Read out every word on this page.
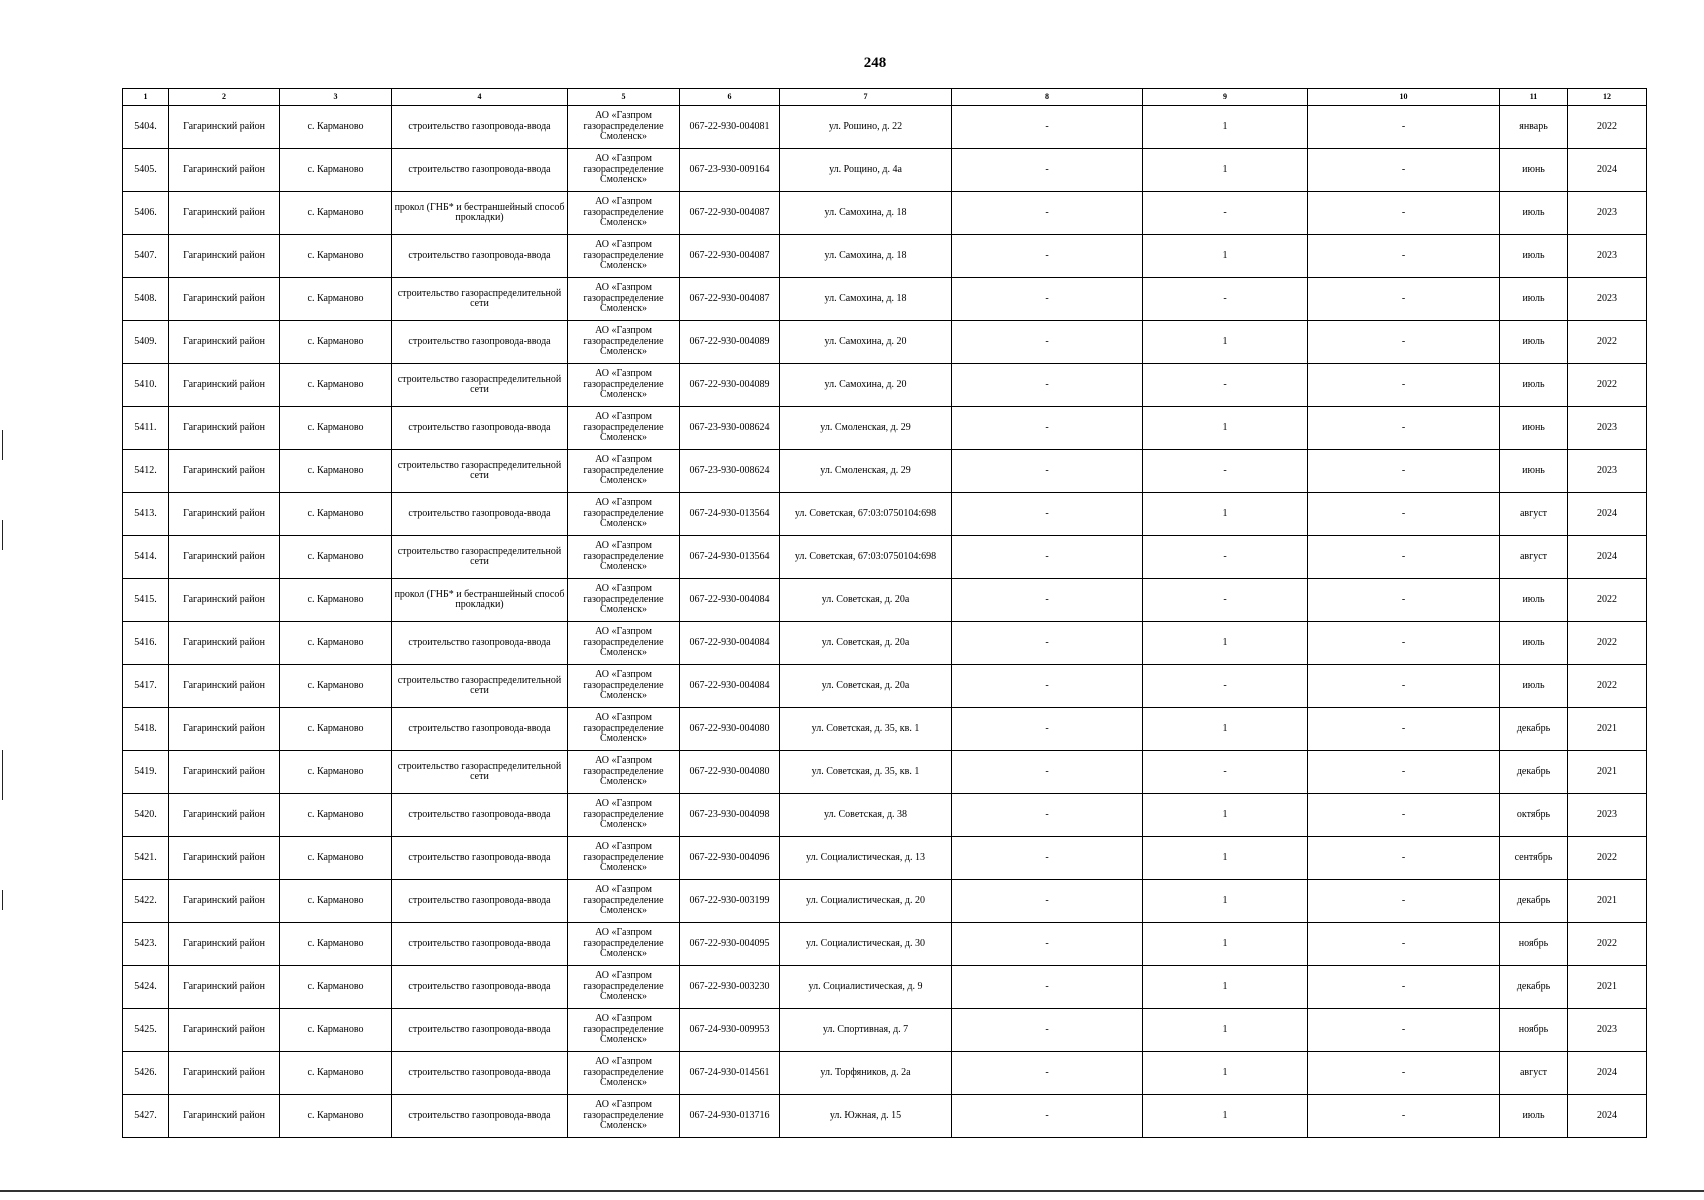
248
1	2	3	4	5	6	7	8	9	10	11	12
5404.	Гагаринский район	с. Карманово	строительство газопровода-ввода	АО «Газпром газораспределение Смоленск»	067-22-930-004081	ул. Рошино, д. 22	-	1	-	январь	2022
5405.	Гагаринский район	с. Карманово	строительство газопровода-ввода	АО «Газпром газораспределение Смоленск»	067-23-930-009164	ул. Рощино, д. 4а	-	1	-	июнь	2024
5406.	Гагаринский район	с. Карманово	прокол (ГНБ* и бестраншейный способ прокладки)	АО «Газпром газораспределение Смоленск»	067-22-930-004087	ул. Самохина, д. 18	-	-	-	июль	2023
5407.	Гагаринский район	с. Карманово	строительство газопровода-ввода	АО «Газпром газораспределение Смоленск»	067-22-930-004087	ул. Самохина, д. 18	-	1	-	июль	2023
5408.	Гагаринский район	с. Карманово	строительство газораспределительной сети	АО «Газпром газораспределение Смоленск»	067-22-930-004087	ул. Самохина, д. 18	-	-	-	июль	2023
5409.	Гагаринский район	с. Карманово	строительство газопровода-ввода	АО «Газпром газораспределение Смоленск»	067-22-930-004089	ул. Самохина, д. 20	-	1	-	июль	2022
5410.	Гагаринский район	с. Карманово	строительство газораспределительной сети	АО «Газпром газораспределение Смоленск»	067-22-930-004089	ул. Самохина, д. 20	-	-	-	июль	2022
5411.	Гагаринский район	с. Карманово	строительство газопровода-ввода	АО «Газпром газораспределение Смоленск»	067-23-930-008624	ул. Смоленская, д. 29	-	1	-	июнь	2023
5412.	Гагаринский район	с. Карманово	строительство газораспределительной сети	АО «Газпром газораспределение Смоленск»	067-23-930-008624	ул. Смоленская, д. 29	-	-	-	июнь	2023
5413.	Гагаринский район	с. Карманово	строительство газопровода-ввода	АО «Газпром газораспределение Смоленск»	067-24-930-013564	ул. Советская, 67:03:0750104:698	-	1	-	август	2024
5414.	Гагаринский район	с. Карманово	строительство газораспределительной сети	АО «Газпром газораспределение Смоленск»	067-24-930-013564	ул. Советская, 67:03:0750104:698	-	-	-	август	2024
5415.	Гагаринский район	с. Карманово	прокол (ГНБ* и бестраншейный способ прокладки)	АО «Газпром газораспределение Смоленск»	067-22-930-004084	ул. Советская, д. 20а	-	-	-	июль	2022
5416.	Гагаринский район	с. Карманово	строительство газопровода-ввода	АО «Газпром газораспределение Смоленск»	067-22-930-004084	ул. Советская, д. 20а	-	1	-	июль	2022
5417.	Гагаринский район	с. Карманово	строительство газораспределительной сети	АО «Газпром газораспределение Смоленск»	067-22-930-004084	ул. Советская, д. 20а	-	-	-	июль	2022
5418.	Гагаринский район	с. Карманово	строительство газопровода-ввода	АО «Газпром газораспределение Смоленск»	067-22-930-004080	ул. Советская, д. 35, кв. 1	-	1	-	декабрь	2021
5419.	Гагаринский район	с. Карманово	строительство газораспределительной сети	АО «Газпром газораспределение Смоленск»	067-22-930-004080	ул. Советская, д. 35, кв. 1	-	-	-	декабрь	2021
5420.	Гагаринский район	с. Карманово	строительство газопровода-ввода	АО «Газпром газораспределение Смоленск»	067-23-930-004098	ул. Советская, д. 38	-	1	-	октябрь	2023
5421.	Гагаринский район	с. Карманово	строительство газопровода-ввода	АО «Газпром газораспределение Смоленск»	067-22-930-004096	ул. Социалистическая, д. 13	-	1	-	сентябрь	2022
5422.	Гагаринский район	с. Карманово	строительство газопровода-ввода	АО «Газпром газораспределение Смоленск»	067-22-930-003199	ул. Социалистическая, д. 20	-	1	-	декабрь	2021
5423.	Гагаринский район	с. Карманово	строительство газопровода-ввода	АО «Газпром газораспределение Смоленск»	067-22-930-004095	ул. Социалистическая, д. 30	-	1	-	ноябрь	2022
5424.	Гагаринский район	с. Карманово	строительство газопровода-ввода	АО «Газпром газораспределение Смоленск»	067-22-930-003230	ул. Социалистическая, д. 9	-	1	-	декабрь	2021
5425.	Гагаринский район	с. Карманово	строительство газопровода-ввода	АО «Газпром газораспределение Смоленск»	067-24-930-009953	ул. Спортивная, д. 7	-	1	-	ноябрь	2023
5426.	Гагаринский район	с. Карманово	строительство газопровода-ввода	АО «Газпром газораспределение Смоленск»	067-24-930-014561	ул. Торфяников, д. 2а	-	1	-	август	2024
5427.	Гагаринский район	с. Карманово	строительство газопровода-ввода	АО «Газпром газораспределение Смоленск»	067-24-930-013716	ул. Южная, д. 15	-	1	-	июль	2024
